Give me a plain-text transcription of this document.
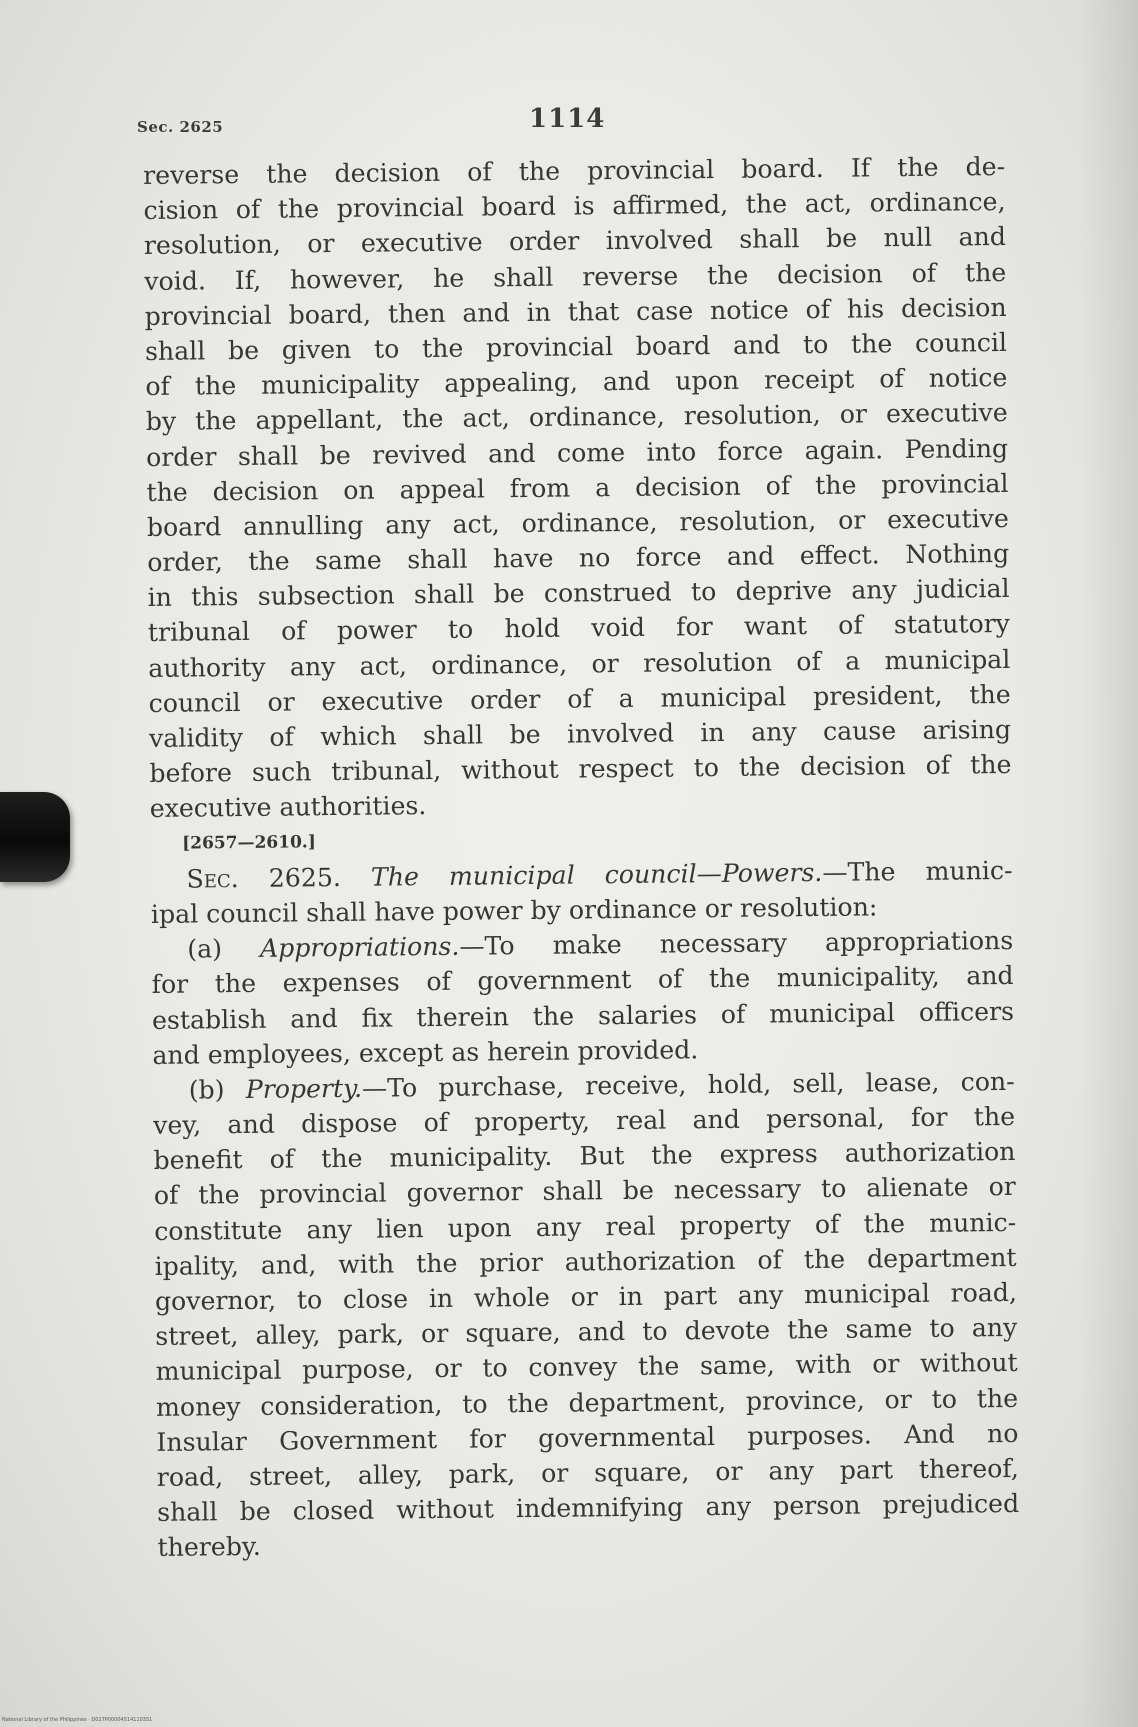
Sec. 2625	1114
reverse the decision of the provincial board. If the de-
cision of the provincial board is affirmed, the act, ordinance,
resolution, or executive order involved shall be null and
void. If, however, he shall reverse the decision of the
provincial board, then and in that case notice of his decision
shall be given to the provincial board and to the council
of the municipality appealing, and upon receipt of notice
by the appellant, the act, ordinance, resolution, or executive
order shall be revived and come into force again. Pending
the decision on appeal from a decision of the provincial
board annulling any act, ordinance, resolution, or executive
order, the same shall have no force and effect. Nothing
in this subsection shall be construed to deprive any judicial
tribunal of power to hold void for want of statutory
authority any act, ordinance, or resolution of a municipal
council or executive order of a municipal president, the
validity of which shall be involved in any cause arising
before such tribunal, without respect to the decision of the
executive authorities.
[2657—2610.]
Sec. 2625. The municipal council—Powers.—The munic-
ipal council shall have power by ordinance or resolution:
(a) Appropriations.—To make necessary appropriations
for the expenses of government of the municipality, and
establish and fix therein the salaries of municipal officers
and employees, except as herein provided.
(b) Property.—To purchase, receive, hold, sell, lease, con-
vey, and dispose of property, real and personal, for the
benefit of the municipality. But the express authorization
of the provincial governor shall be necessary to alienate or
constitute any lien upon any real property of the munic-
ipality, and, with the prior authorization of the department
governor, to close in whole or in part any municipal road,
street, alley, park, or square, and to devote the same to any
municipal purpose, or to convey the same, with or without
money consideration, to the department, province, or to the
Insular Government for governmental purposes. And no
road, street, alley, park, or square, or any part thereof,
shall be closed without indemnifying any person prejudiced
thereby.
National Library of the Philippines · D027P000045141103S1
